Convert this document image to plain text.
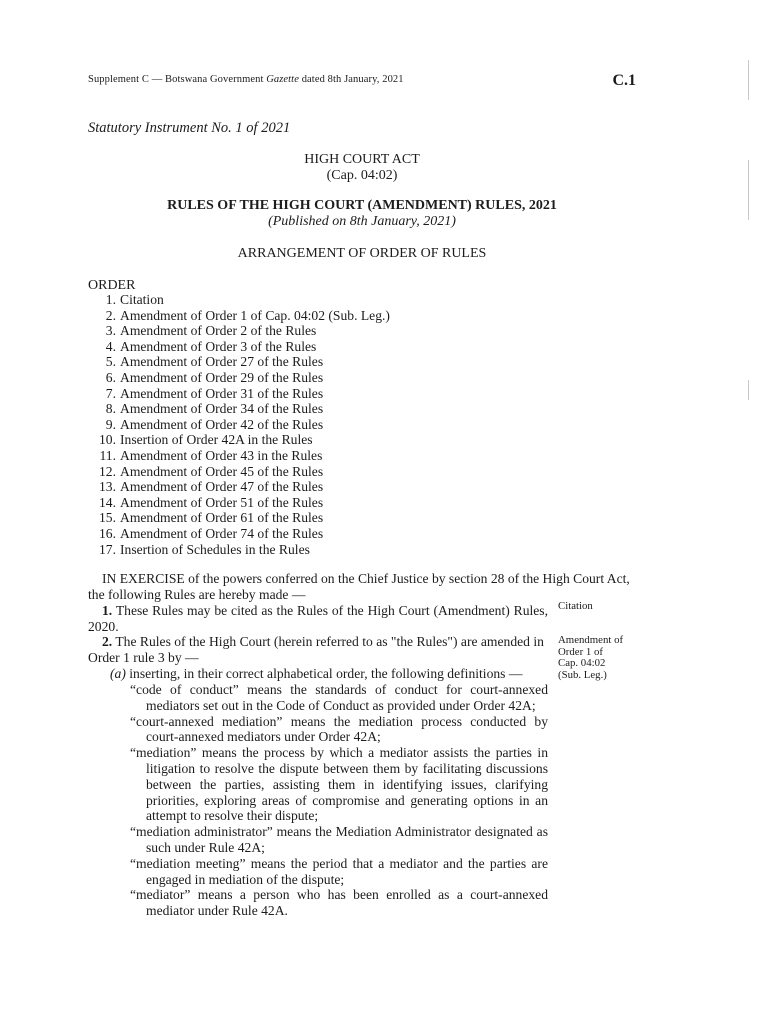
Supplement C — Botswana Government Gazette dated 8th January, 2021	C.1
Statutory Instrument No. 1 of 2021
HIGH COURT ACT
(Cap. 04:02)
RULES OF THE HIGH COURT (AMENDMENT) RULES, 2021
(Published on 8th January, 2021)
ARRANGEMENT OF ORDER OF RULES
ORDER
1. Citation
2. Amendment of Order 1 of Cap. 04:02 (Sub. Leg.)
3. Amendment of Order 2 of the Rules
4. Amendment of Order 3 of the Rules
5. Amendment of Order 27 of the Rules
6. Amendment of Order 29 of the Rules
7. Amendment of Order 31 of the Rules
8. Amendment of Order 34 of the Rules
9. Amendment of Order 42 of the Rules
10. Insertion of Order 42A in the Rules
11. Amendment of Order 43 in the Rules
12. Amendment of Order 45 of the Rules
13. Amendment of Order 47 of the Rules
14. Amendment of Order 51 of the Rules
15. Amendment of Order 61 of the Rules
16. Amendment of Order 74 of the Rules
17. Insertion of Schedules in the Rules
IN EXERCISE of the powers conferred on the Chief Justice by section 28 of the High Court Act, the following Rules are hereby made —
1. These Rules may be cited as the Rules of the High Court (Amendment) Rules, 2020.
2. The Rules of the High Court (herein referred to as "the Rules") are amended in Order 1 rule 3 by —
(a) inserting, in their correct alphabetical order, the following definitions —
“code of conduct” means the standards of conduct for court-annexed mediators set out in the Code of Conduct as provided under Order 42A;
“court-annexed mediation” means the mediation process conducted by court-annexed mediators under Order 42A;
“mediation” means the process by which a mediator assists the parties in litigation to resolve the dispute between them by facilitating discussions between the parties, assisting them in identifying issues, clarifying priorities, exploring areas of compromise and generating options in an attempt to resolve their dispute;
“mediation administrator” means the Mediation Administrator designated as such under Rule 42A;
“mediation meeting” means the period that a mediator and the parties are engaged in mediation of the dispute;
“mediator” means a person who has been enrolled as a court-annexed mediator under Rule 42A.
Citation
Amendment of
Order 1 of
Cap. 04:02
(Sub. Leg.)
